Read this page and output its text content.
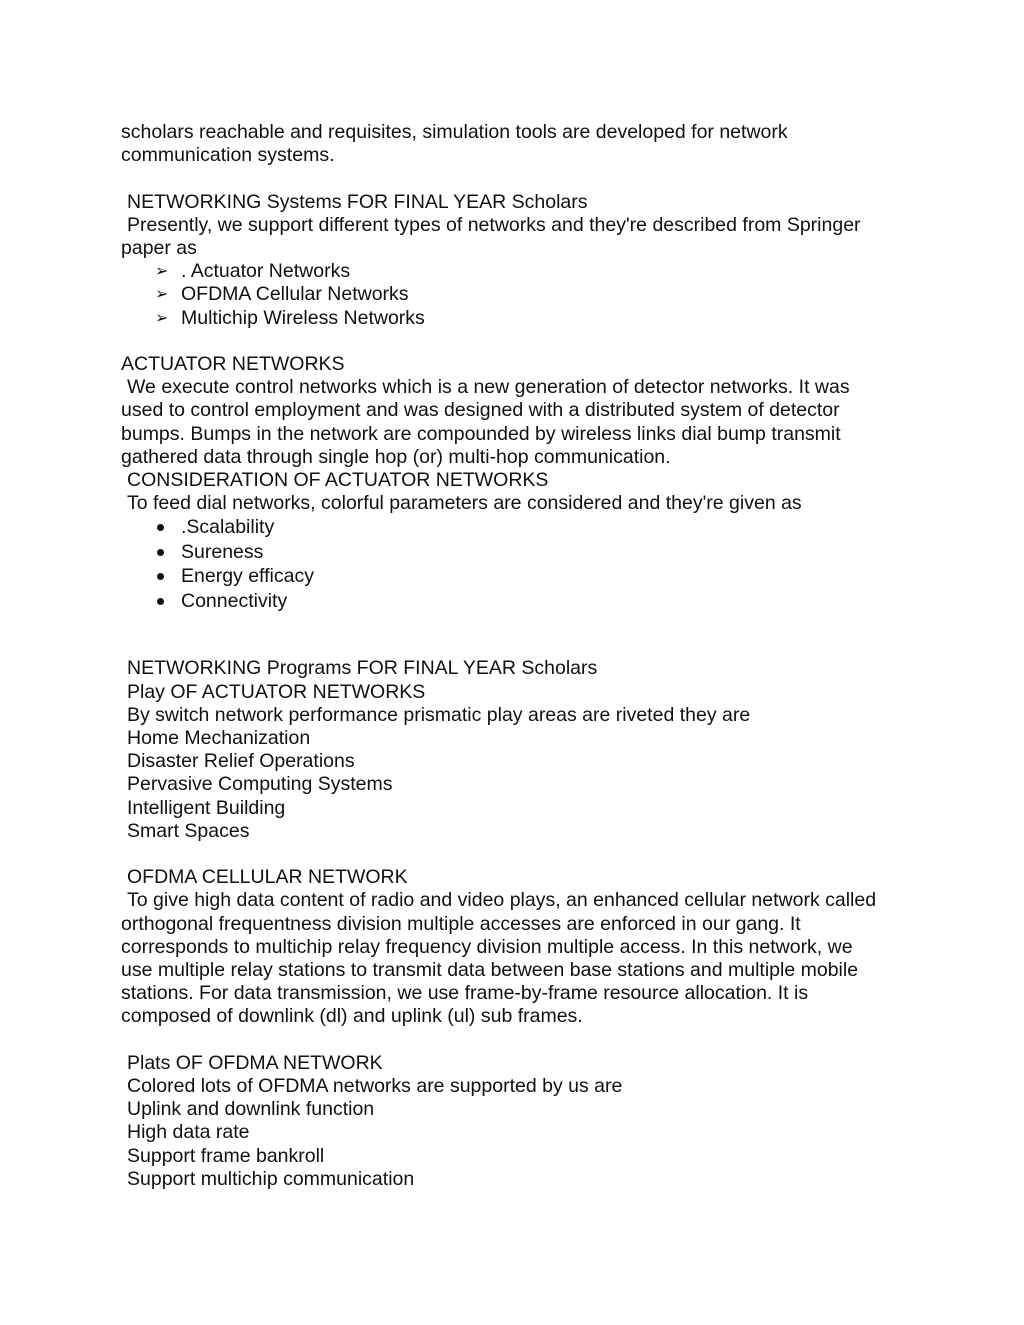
scholars reachable and requisites, simulation tools are developed for network

communication systems.

NETWORKING Systems FOR FINAL YEAR Scholars

Presently, we support different types of networks and they're described from Springer

paper as

➢ . Actuator Networks
➢ OFDMA Cellular Networks
➢ Multichip Wireless Networks

ACTUATOR NETWORKS

We execute control networks which is a new generation of detector networks. It was

used to control employment and was designed with a distributed system of detector

bumps. Bumps in the network are compounded by wireless links dial bump transmit

gathered data through single hop (or) multi-hop communication.

CONSIDERATION OF ACTUATOR NETWORKS

To feed dial networks, colorful parameters are considered and they're given as

.Scalability
Sureness
Energy efficacy
Connectivity

NETWORKING Programs FOR FINAL YEAR Scholars

Play OF ACTUATOR NETWORKS

By switch network performance prismatic play areas are riveted they are

Home Mechanization

Disaster Relief Operations

Pervasive Computing Systems

Intelligent Building

Smart Spaces

OFDMA CELLULAR NETWORK

To give high data content of radio and video plays, an enhanced cellular network called

orthogonal frequentness division multiple accesses are enforced in our gang. It

corresponds to multichip relay frequency division multiple access. In this network, we

use multiple relay stations to transmit data between base stations and multiple mobile

stations. For data transmission, we use frame-by-frame resource allocation. It is

composed of downlink (dl) and uplink (ul) sub frames.

Plats OF OFDMA NETWORK

Colored lots of OFDMA networks are supported by us are

Uplink and downlink function

High data rate

Support frame bankroll

Support multichip communication
